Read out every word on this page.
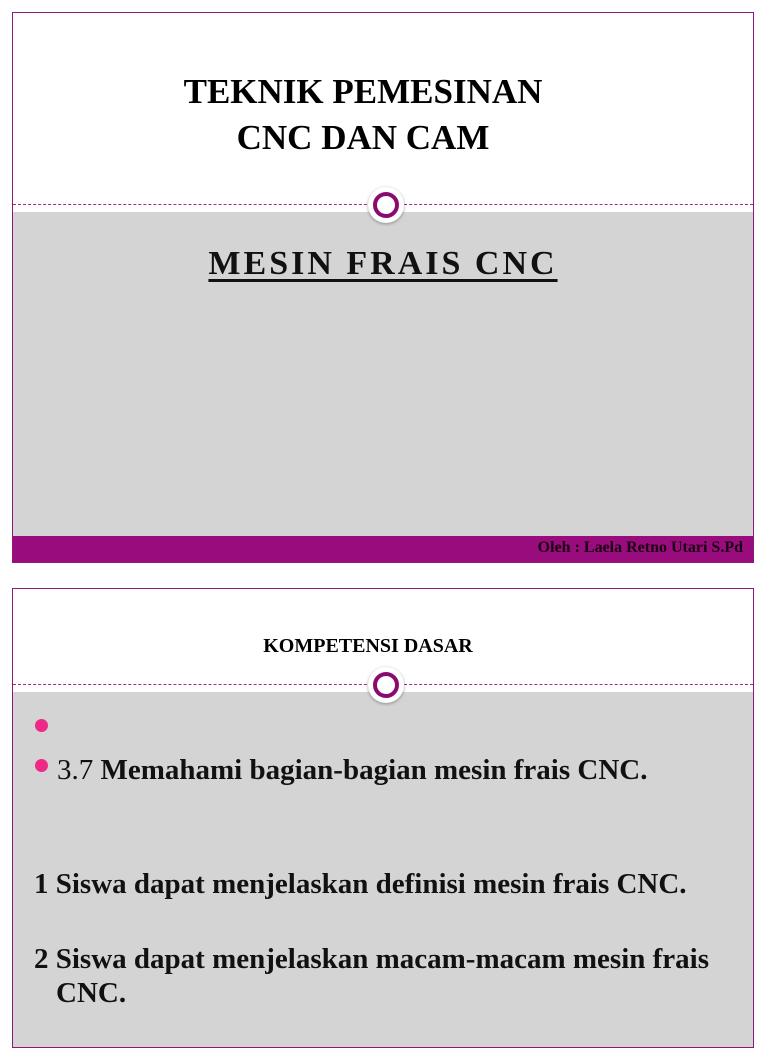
TEKNIK PEMESINAN
CNC DAN CAM
MESIN FRAIS CNC
Oleh : Laela Retno Utari S.Pd
KOMPETENSI DASAR
3.7 Memahami bagian-bagian mesin frais CNC.
1 Siswa dapat menjelaskan definisi mesin frais CNC.
2 Siswa dapat menjelaskan macam-macam mesin frais CNC.
